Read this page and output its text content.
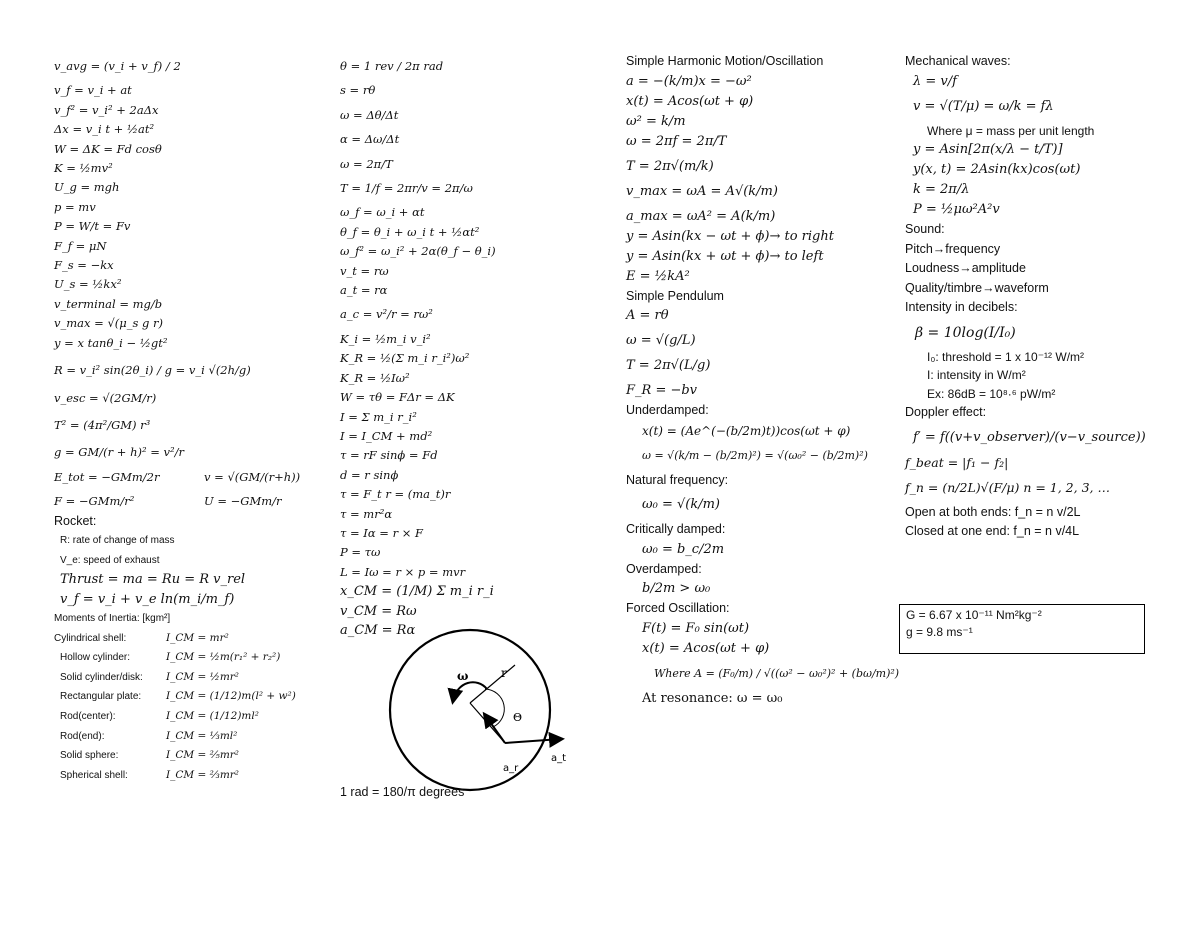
v_avg = (v_i + v_f) / 2
v_f = v_i + at
v_f² = v_i² + 2aΔx
Δx = v_i t + ½at²
W = ΔK = Fd cosθ
K = ½mv²
U_g = mgh
p = mv
P = W/t = Fv
F_f = μN
F_s = −kx
U_s = ½kx²
v_terminal = mg/b
v_max = √(μ_s g r)
y = x tanθ_i − ½gt²
R = v_i² sin(2θ_i) / g = v_i √(2h/g)
v_esc = √(2GM/r)
T² = (4π²/GM) r³
g = GM/(r + h)² = v²/r
E_tot = −GMm/2r	v = √(GM/(r+h))
F = −GMm/r²	U = −GMm/r
Rocket:
R: rate of change of mass
V_e: speed of exhaust
Thrust = ma = Ru = R v_rel
v_f = v_i + v_e ln(m_i/m_f)
Moments of Inertia: [kgm²]
Cylindrical shell:	I_CM = mr²
Hollow cylinder:	I_CM = ½m(r₁² + r₂²)
Solid cylinder/disk:	I_CM = ½mr²
Rectangular plate:	I_CM = (1/12)m(l² + w²)
Rod(center):	I_CM = (1/12)ml²
Rod(end):	I_CM = ⅓ml²
Solid sphere:	I_CM = ⅖mr²
Spherical shell:	I_CM = ⅔mr²
θ = 1 rev / 2π rad
s = rθ
ω = Δθ/Δt
α = Δω/Δt
ω = 2π/T
T = 1/f = 2πr/v = 2π/ω
ω_f = ω_i + αt
θ_f = θ_i + ω_i t + ½αt²
ω_f² = ω_i² + 2α(θ_f − θ_i)
v_t = rω
a_t = rα
a_c = v²/r = rω²
K_i = ½m_i v_i²
K_R = ½(Σ m_i r_i²)ω²
K_R = ½Iω²
W = τθ = FΔr = ΔK
I = Σ m_i r_i²
I = I_CM + md²
τ = rF sinϕ = Fd
d = r sinϕ
τ = F_t r = (ma_t)r
τ = mr²α
τ = Iα = r × F
P = τω
L = Iω = r × p = mvr
x_CM = (1/M) Σ m_i r_i
v_CM = Rω
a_CM = Rα
ω	r
Θ
a_r
a_t
1 rad = 180/π degrees
Simple Harmonic Motion/Oscillation
a = −(k/m)x = −ω²
x(t) = Acos(ωt + φ)
ω² = k/m
ω = 2πf = 2π/T
T = 2π√(m/k)
v_max = ωA = A√(k/m)
a_max = ωA² = A(k/m)
y = Asin(kx − ωt + ϕ)→ to right
y = Asin(kx + ωt + ϕ)→ to left
E = ½kA²
Simple Pendulum
A = rθ
ω = √(g/L)
T = 2π√(L/g)
F_R = −bv
Underdamped:
x(t) = (Ae^(−(b/2m)t))cos(ωt + φ)
ω = √(k/m − (b/2m)²) = √(ω₀² − (b/2m)²)
Natural frequency:
ω₀ = √(k/m)
Critically damped:
ω₀ = b_c/2m
Overdamped:
b/2m > ω₀
Forced Oscillation:
F(t) = F₀ sin(ωt)
x(t) = Acos(ωt + φ)
Where A = (F₀/m) / √((ω² − ω₀²)² + (bω/m)²)
At resonance: ω = ω₀
Mechanical waves:
λ = v/f
v = √(T/μ) = ω/k = fλ
Where μ = mass per unit length
y = Asin[2π(x/λ − t/T)]
y(x, t) = 2Asin(kx)cos(ωt)
k = 2π/λ
P = ½μω²A²v
Sound:
Pitch→frequency
Loudness→amplitude
Quality/timbre→waveform
Intensity in decibels:
β = 10log(I/I₀)
I₀: threshold = 1 x 10⁻¹² W/m²
I: intensity in W/m²
Ex: 86dB = 10⁸·⁶ pW/m²
Doppler effect:
f′ = f((v+v_observer)/(v−v_source))
f_beat = |f₁ − f₂|
f_n = (n/2L)√(F/μ) n = 1, 2, 3, …
Open at both ends: f_n = n v/2L
Closed at one end: f_n = n v/4L
G = 6.67 x 10⁻¹¹ Nm²kg⁻²
g = 9.8 ms⁻¹
